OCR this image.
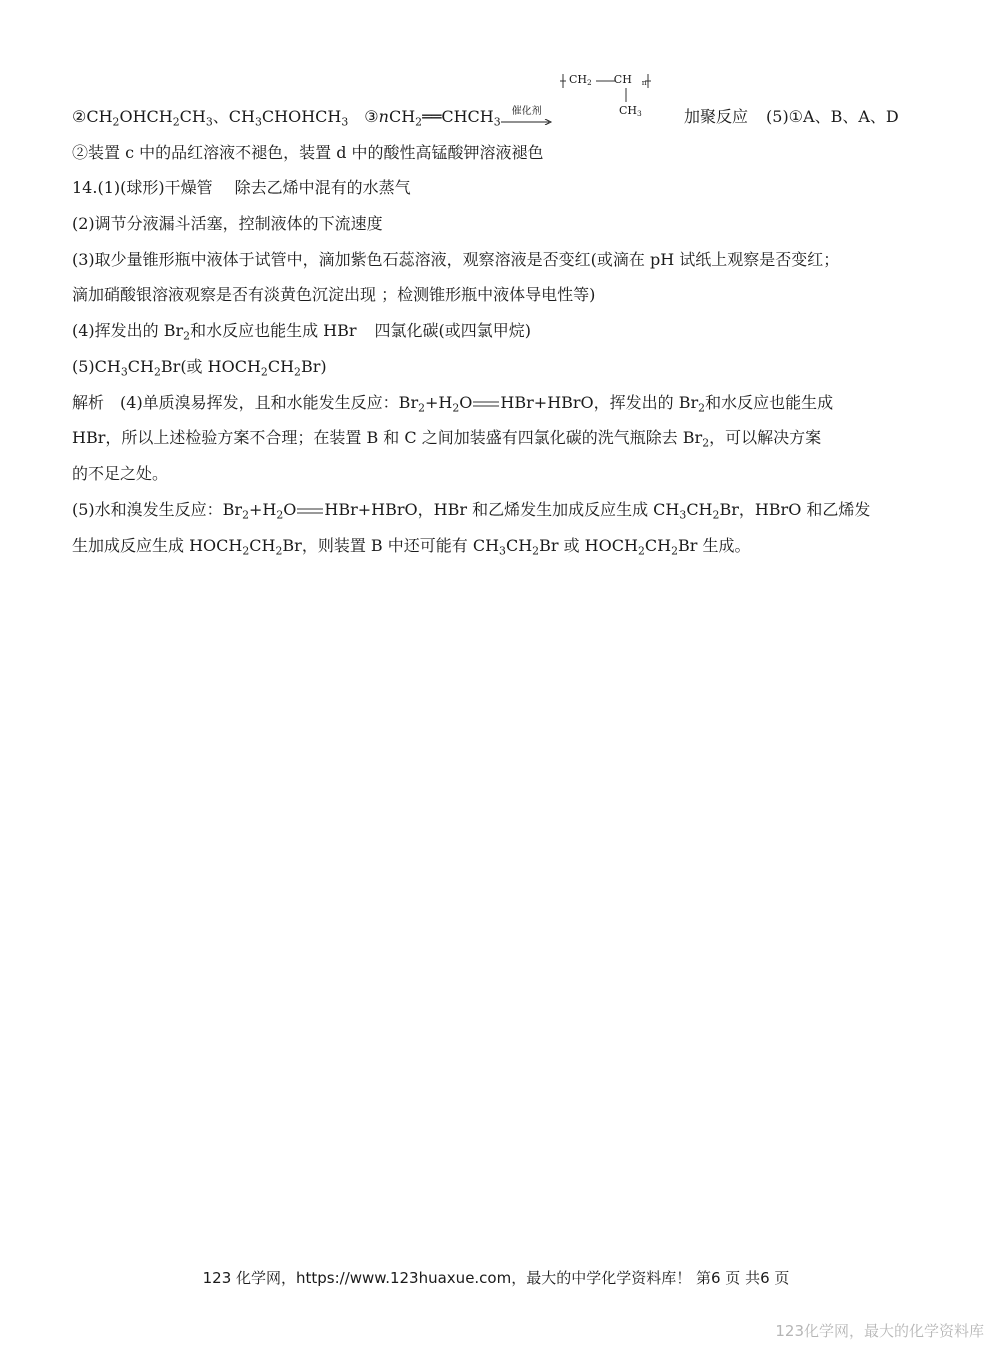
$②CH_2OHCH_2CH_3$、$CH_3CHOHCH_3$ $③nCH_2══CHCH_3$
催化剂
$CH_2$ CH $_n$
$CH_3$	加聚反应 (5)①A、B、A、D
②装置 c 中的品红溶液不褪色，装置 d 中的酸性高锰酸钾溶液褪色
14.(1)(球形)干燥管 除去乙烯中混有的水蒸气
(2)调节分液漏斗活塞，控制液体的下流速度
(3)取少量锥形瓶中液体于试管中，滴加紫色石蕊溶液，观察溶液是否变红(或滴在 pH 试纸上观察是否变红；
滴加硝酸银溶液观察是否有淡黄色沉淀出现 ；检测锥形瓶中液体导电性等)
(4)挥发出的 $Br_2$和水反应也能生成 HBr 四氯化碳(或四氯甲烷)
$(5)CH_3CH_2Br$(或 $HOCH_2CH_2Br$)
解析 (4)单质溴易挥发，且和水能发生反应：$Br_2+H_2O$ HBr+HBrO，挥发出的 $Br_2$和水反应也能生成
HBr，所以上述检验方案不合理；在装置 B 和 C 之间加装盛有四氯化碳的洗气瓶除去 $Br_2$，可以解决方案
的不足之处。
(5)水和溴发生反应：$Br_2+H_2O$ HBr+HBrO，HBr 和乙烯发生加成反应生成 $CH_3CH_2Br$，HBrO 和乙烯发
生加成反应生成 $HOCH_2CH_2Br$，则装置 B 中还可能有 $CH_3CH_2Br$ 或 $HOCH_2CH_2Br$ 生成。
123 化学网，https://www.123huaxue.com，最大的中学化学资料库！ 第6 页 共6 页
123化学网，最大的化学资料库
